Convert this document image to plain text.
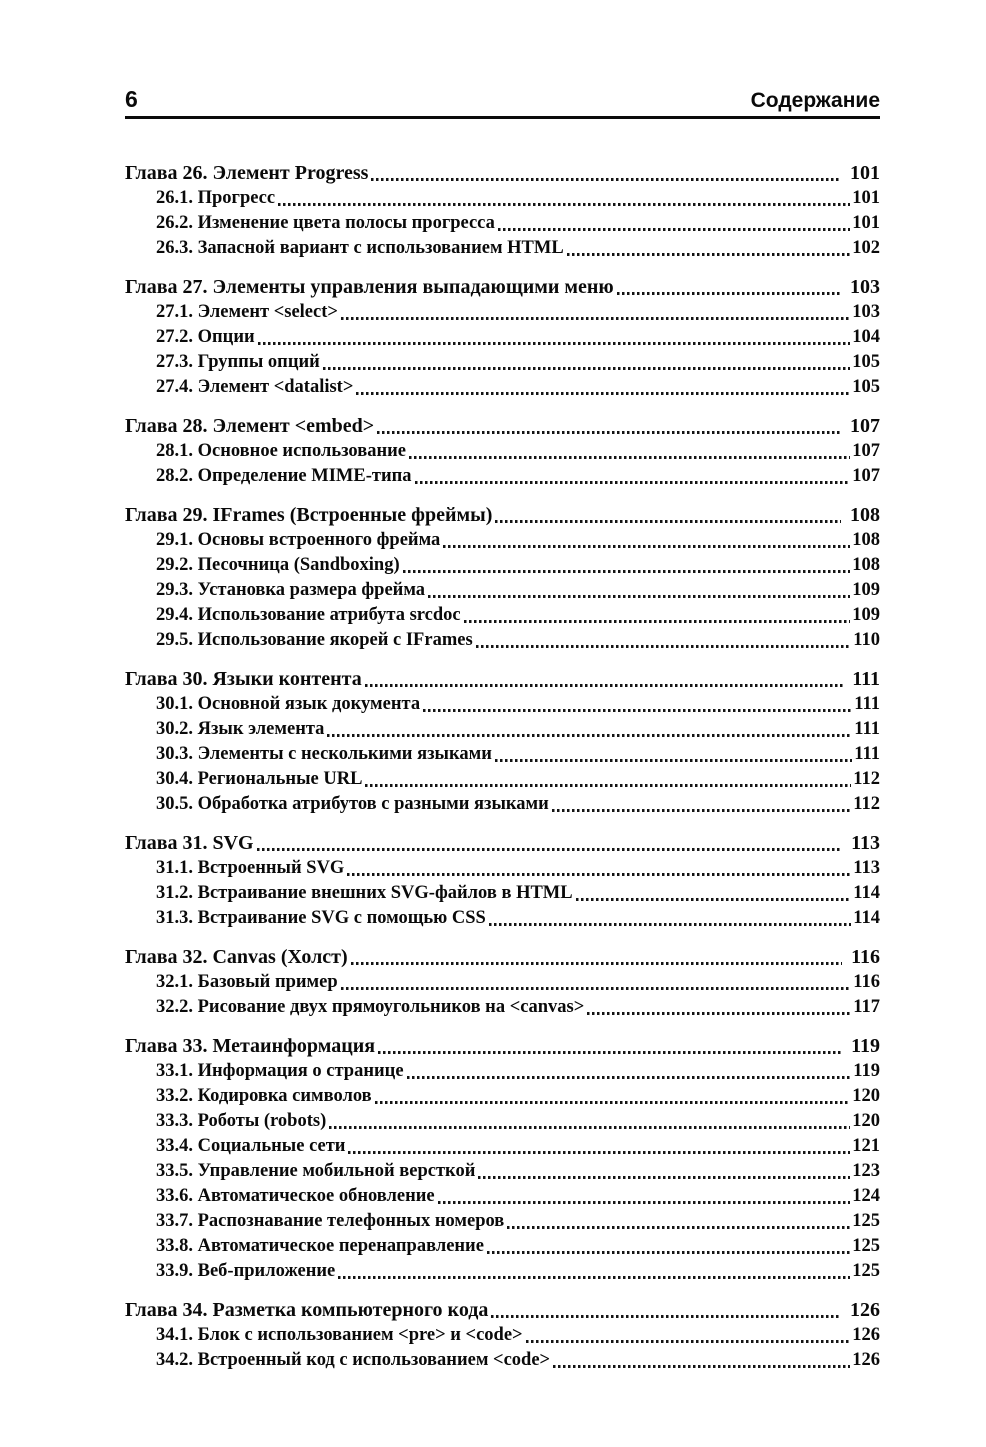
6	Содержание
Глава 26. Элемент Progress	101
26.1. Прогресс	101
26.2. Изменение цвета полосы прогресса	101
26.3. Запасной вариант с использованием HTML	102
Глава 27. Элементы управления выпадающими меню	103
27.1. Элемент <select>	103
27.2. Опции	104
27.3. Группы опций	105
27.4. Элемент <datalist>	105
Глава 28. Элемент <embed>	107
28.1. Основное использование	107
28.2. Определение MIME-типа	107
Глава 29. IFrames (Встроенные фреймы)	108
29.1. Основы встроенного фрейма	108
29.2. Песочница (Sandboxing)	108
29.3. Установка размера фрейма	109
29.4. Использование атрибута srcdoc	109
29.5. Использование якорей с IFrames	110
Глава 30. Языки контента	111
30.1. Основной язык документа	111
30.2. Язык элемента	111
30.3. Элементы с несколькими языками	111
30.4. Региональные URL	112
30.5. Обработка атрибутов с разными языками	112
Глава 31. SVG	113
31.1. Встроенный SVG	113
31.2. Встраивание внешних SVG-файлов в HTML	114
31.3. Встраивание SVG с помощью CSS	114
Глава 32. Canvas (Холст)	116
32.1. Базовый пример	116
32.2. Рисование двух прямоугольников на <canvas>	117
Глава 33. Метаинформация	119
33.1. Информация о странице	119
33.2. Кодировка символов	120
33.3. Роботы (robots)	120
33.4. Социальные сети	121
33.5. Управление мобильной версткой	123
33.6. Автоматическое обновление	124
33.7. Распознавание телефонных номеров	125
33.8. Автоматическое перенаправление	125
33.9. Веб-приложение	125
Глава 34. Разметка компьютерного кода	126
34.1. Блок с использованием <pre> и <code>	126
34.2. Встроенный код с использованием <code>	126
